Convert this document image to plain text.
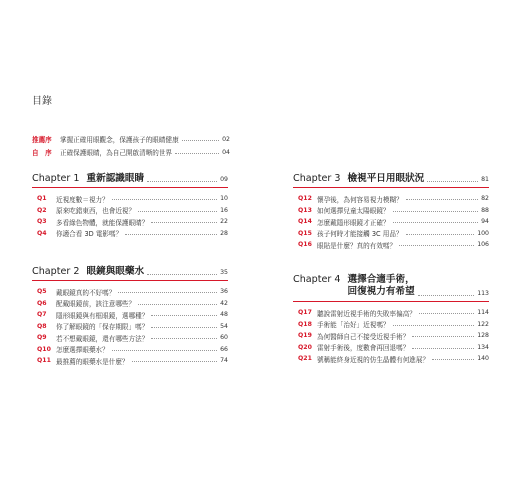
目錄
推薦序	掌握正確用眼觀念，保護孩子的眼睛健康	02
自　序	正確保護眼睛，為自己開啟清晰的世界	04
Chapter 1 重新認識眼睛	09
Q1	近視度數＝視力？	10
Q2	原來吃錯東西，也會近視？	16
Q3	多看綠色物體，就能保護眼睛？	22
Q4	你適合看 3D 電影嗎？	28
Chapter 2 眼鏡與眼藥水	35
Q5	戴眼鏡真的不好嗎？	36
Q6	配戴眼鏡前，該注意哪些？	42
Q7	隱形眼鏡與有框眼鏡，選哪種？	48
Q8	你了解眼鏡的「保存期限」嗎？	54
Q9	若不想戴眼鏡，還有哪些方法？	60
Q10 怎麼選擇眼藥水？	66
Q11 最推薦的眼藥水是什麼？	74
Chapter 3 檢視平日用眼狀況	81
Q12 懷孕後，為何容易視力模糊？	82
Q13 如何選擇兒童太陽眼鏡？	88
Q14 怎麼戴隱形眼鏡才正確？	94
Q15 孩子何時才能接觸 3C 用品？	100
Q16 眼貼是什麼？真的有效嗎？	106
Chapter 4 選擇合適手術，
回復視力有希望	113
Q17 聽說雷射近視手術的失敗率偏高？	114
Q18 手術能「治好」近視嗎？	122
Q19 為何醫師自己不接受近視手術？	128
Q20 雷射手術後，度數會再回退嗎？	134
Q21 號稱能終身近視的仿生晶體有何進展？	140
